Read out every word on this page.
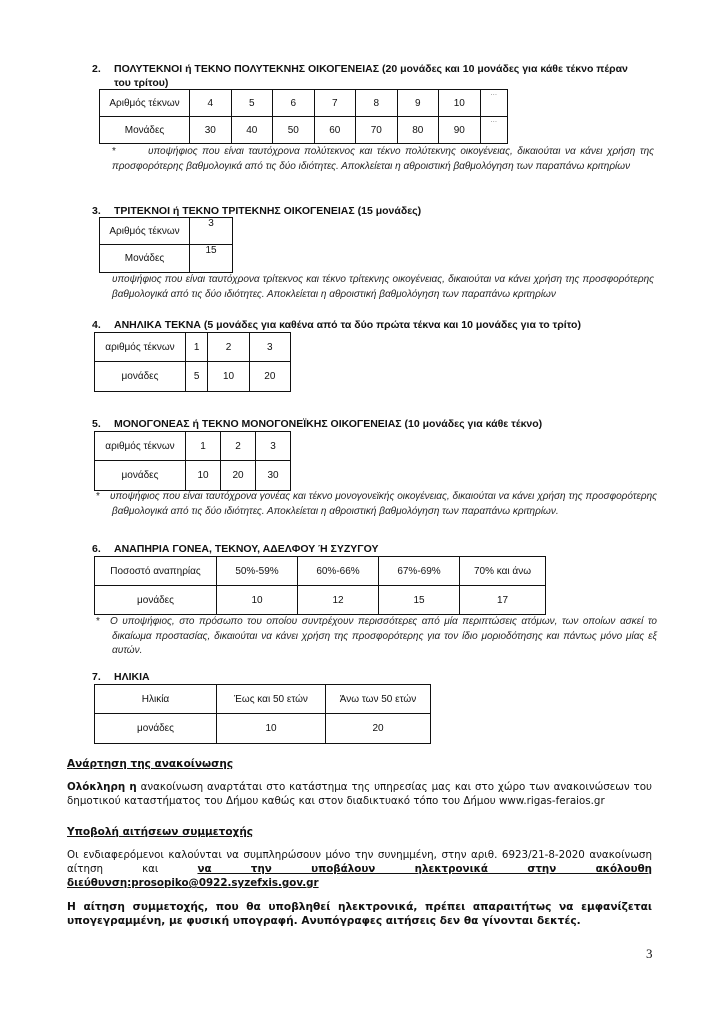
2. ΠΟΛΥΤΕΚΝΟΙ ή ΤΕΚΝΟ ΠΟΛΥΤΕΚΝΗΣ ΟΙΚΟΓΕΝΕΙΑΣ (20 μονάδες και 10 μονάδες για κάθε τέκνο πέραν
του τρίτου)
Αριθμός τέκνων	4	5	6	7	8	9	10	…
Μονάδες	30	40	50	60	70	80	90	…
*	υποψήφιος που είναι ταυτόχρονα πολύτεκνος και τέκνο πολύτεκνης οικογένειας, δικαιούται να κάνει χρήση της προσφορότερης βαθμολογικά από τις δύο ιδιότητες. Αποκλείεται η αθροιστική βαθμολόγηση των παραπάνω κριτηρίων
3. ΤΡΙΤΕΚΝΟΙ ή ΤΕΚΝΟ ΤΡΙΤΕΚΝΗΣ ΟΙΚΟΓΕΝΕΙΑΣ (15 μονάδες)
Αριθμός τέκνων	3
Μονάδες	15
υποψήφιος που είναι ταυτόχρονα τρίτεκνος και τέκνο τρίτεκνης οικογένειας, δικαιούται να κάνει χρήση της προσφορότερης βαθμολογικά από τις δύο ιδιότητες. Αποκλείεται η αθροιστική βαθμολόγηση των παραπάνω κριτηρίων
4. ΑΝΗΛΙΚΑ ΤΕΚΝΑ (5 μονάδες για καθένα από τα δύο πρώτα τέκνα και 10 μονάδες για το τρίτο)
αριθμός τέκνων	1	2	3
μονάδες	5	10	20
5. ΜΟΝΟΓΟΝΕΑΣ ή ΤΕΚΝΟ ΜΟΝΟΓΟΝΕΪΚΗΣ ΟΙΚΟΓΕΝΕΙΑΣ (10 μονάδες για κάθε τέκνο)
αριθμός τέκνων	1	2	3
μονάδες	10	20	30
* υποψήφιος που είναι ταυτόχρονα γονέας και τέκνο μονογονεϊκής οικογένειας, δικαιούται να κάνει χρήση της προσφορότερης βαθμολογικά από τις δύο ιδιότητες. Αποκλείεται η αθροιστική βαθμολόγηση των παραπάνω κριτηρίων.
6. ΑΝΑΠΗΡΙΑ ΓΟΝΕΑ, ΤΕΚΝΟΥ, ΑΔΕΛΦΟΥ Ή ΣΥΖΥΓΟΥ
Ποσοστό αναπηρίας	50%-59%	60%-66%	67%-69%	70% και άνω
μονάδες	10	12	15	17
* Ο υποψήφιος, στο πρόσωπο του οποίου συντρέχουν περισσότερες από μία περιπτώσεις ατόμων, των οποίων ασκεί το δικαίωμα προστασίας, δικαιούται να κάνει χρήση της προσφορότερης για τον ίδιο μοριοδότησης και πάντως μόνο μίας εξ αυτών.
7. ΗΛΙΚΙΑ
Ηλικία	Έως και 50 ετών	Άνω των 50 ετών
μονάδες	10	20
Ανάρτηση της ανακοίνωσης
Ολόκληρη η ανακοίνωση αναρτάται στο κατάστημα της υπηρεσίας μας και στο χώρο των ανακοινώσεων του δημοτικού καταστήματος του Δήμου καθώς και στον διαδικτυακό τόπο του Δήμου www.rigas-feraios.gr
Υποβολή αιτήσεων συμμετοχής
Οι ενδιαφερόμενοι καλούνται να συμπληρώσουν μόνο την συνημμένη, στην αριθ. 6923/21-8-2020 ανακοίνωση αίτηση και να την υποβάλουν ηλεκτρονικά στην ακόλουθη διεύθυνση:prosopiko@0922.syzefxis.gov.gr
Η αίτηση συμμετοχής, που θα υποβληθεί ηλεκτρονικά, πρέπει απαραιτήτως να εμφανίζεται υπογεγραμμένη, με φυσική υπογραφή. Ανυπόγραφες αιτήσεις δεν θα γίνονται δεκτές.
3
